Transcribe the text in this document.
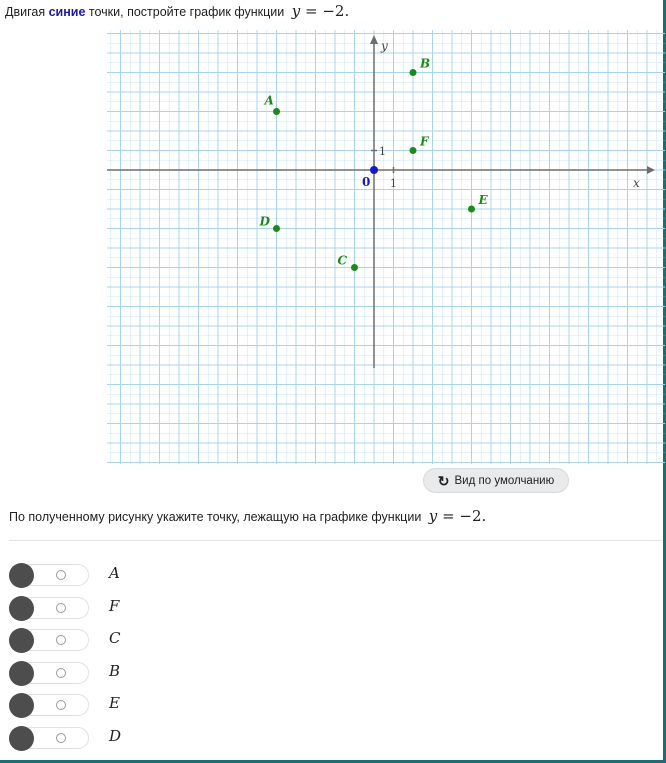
Двигая синие точки, постройте график функции y = −2.
x
y
0 1
1
A
B
C
D
E
F
↻ Вид по умолчанию
По полученному рисунку укажите точку, лежащую на графике функции y = −2.
A
F
C
B
E
D
